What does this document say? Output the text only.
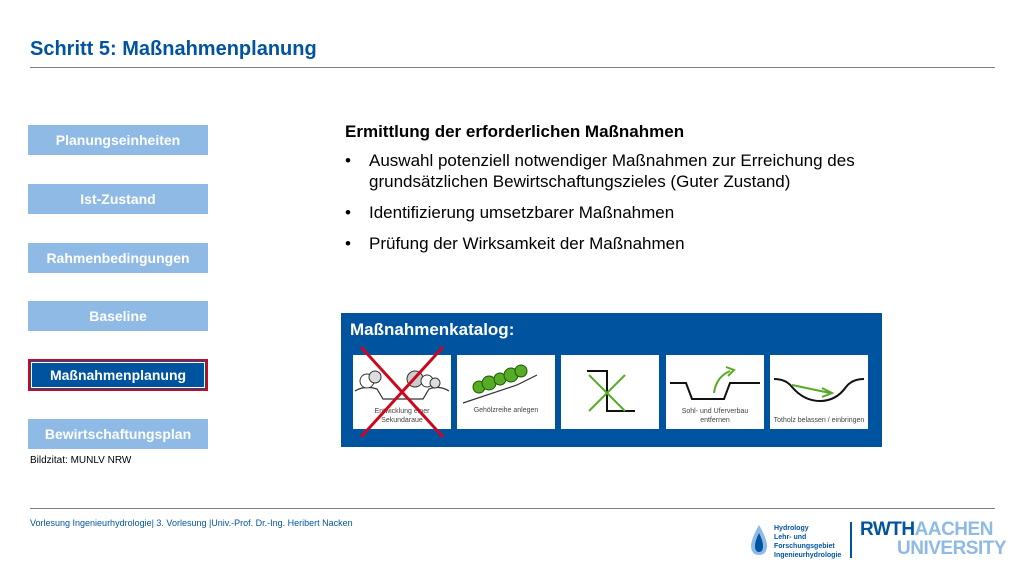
Schritt 5: Maßnahmenplanung
Planungseinheiten
Ist-Zustand
Rahmenbedingungen
Baseline
Maßnahmenplanung
Bewirtschaftungsplan
Bildzitat: MUNLV NRW
Ermittlung der erforderlichen Maßnahmen
• Auswahl potenziell notwendiger Maßnahmen zur Erreichung des grundsätzlichen Bewirtschaftungszieles (Guter Zustand)
• Identifizierung umsetzbarer Maßnahmen
• Prüfung der Wirksamkeit der Maßnahmen
Maßnahmenkatalog:
Entwicklung einer Sekundaraue
Gehölzreihe anlegen	Sohl- und Uferverbau entfernen	Totholz belassen / einbringen
Vorlesung Ingenieurhydrologie| 3. Vorlesung |Univ.-Prof. Dr.-Ing. Heribert Nacken
Hydrology
Lehr- und
Forschungsgebiet
Ingenieurhydrologie
RWTHAACHEN
UNIVERSITY
